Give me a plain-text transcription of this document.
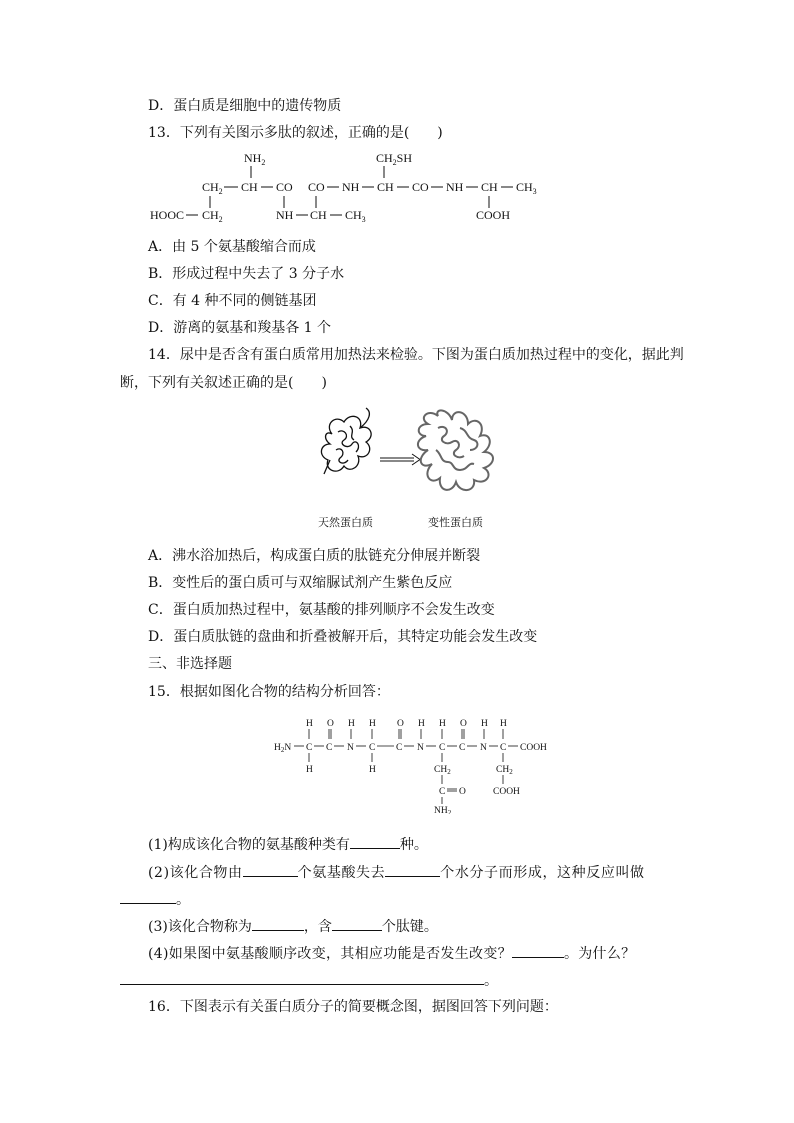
D．蛋白质是细胞中的遗传物质
13．下列有关图示多肽的叙述，正确的是(　　)
$NH_2$	$CH_2SH$
$CH_2$ CH CO CO NH CH CO NH CH $CH_3$
HOOC $CH_2$	NH CH $CH_3$	COOH
A．由 5 个氨基酸缩合而成
B．形成过程中失去了 3 分子水
C．有 4 种不同的侧链基团
D．游离的氨基和羧基各 1 个
14．尿中是否含有蛋白质常用加热法来检验。下图为蛋白质加热过程中的变化，据此判
断，下列有关叙述正确的是(　　)
天然蛋白质	变性蛋白质
A．沸水浴加热后，构成蛋白质的肽链充分伸展并断裂
B．变性后的蛋白质可与双缩脲试剂产生紫色反应
C．蛋白质加热过程中，氨基酸的排列顺序不会发生改变
D．蛋白质肽链的盘曲和折叠被解开后，其特定功能会发生改变
三、非选择题
15．根据如图化合物的结构分析回答：
H O H H O H H O H H
$H_2N$ C C N C C N C C N C COOH
H	H	$CH_2$
C O
$NH_2$
$CH_2$
COOH
(1)构成该化合物的氨基酸种类有	种。
(2)该化合物由	个氨基酸失去	个水分子而形成，这种反应叫做
。
(3)该化合物称为	，含	个肽键。
(4)如果图中氨基酸顺序改变，其相应功能是否发生改变？	。为什么？
。
16．下图表示有关蛋白质分子的简要概念图，据图回答下列问题：
